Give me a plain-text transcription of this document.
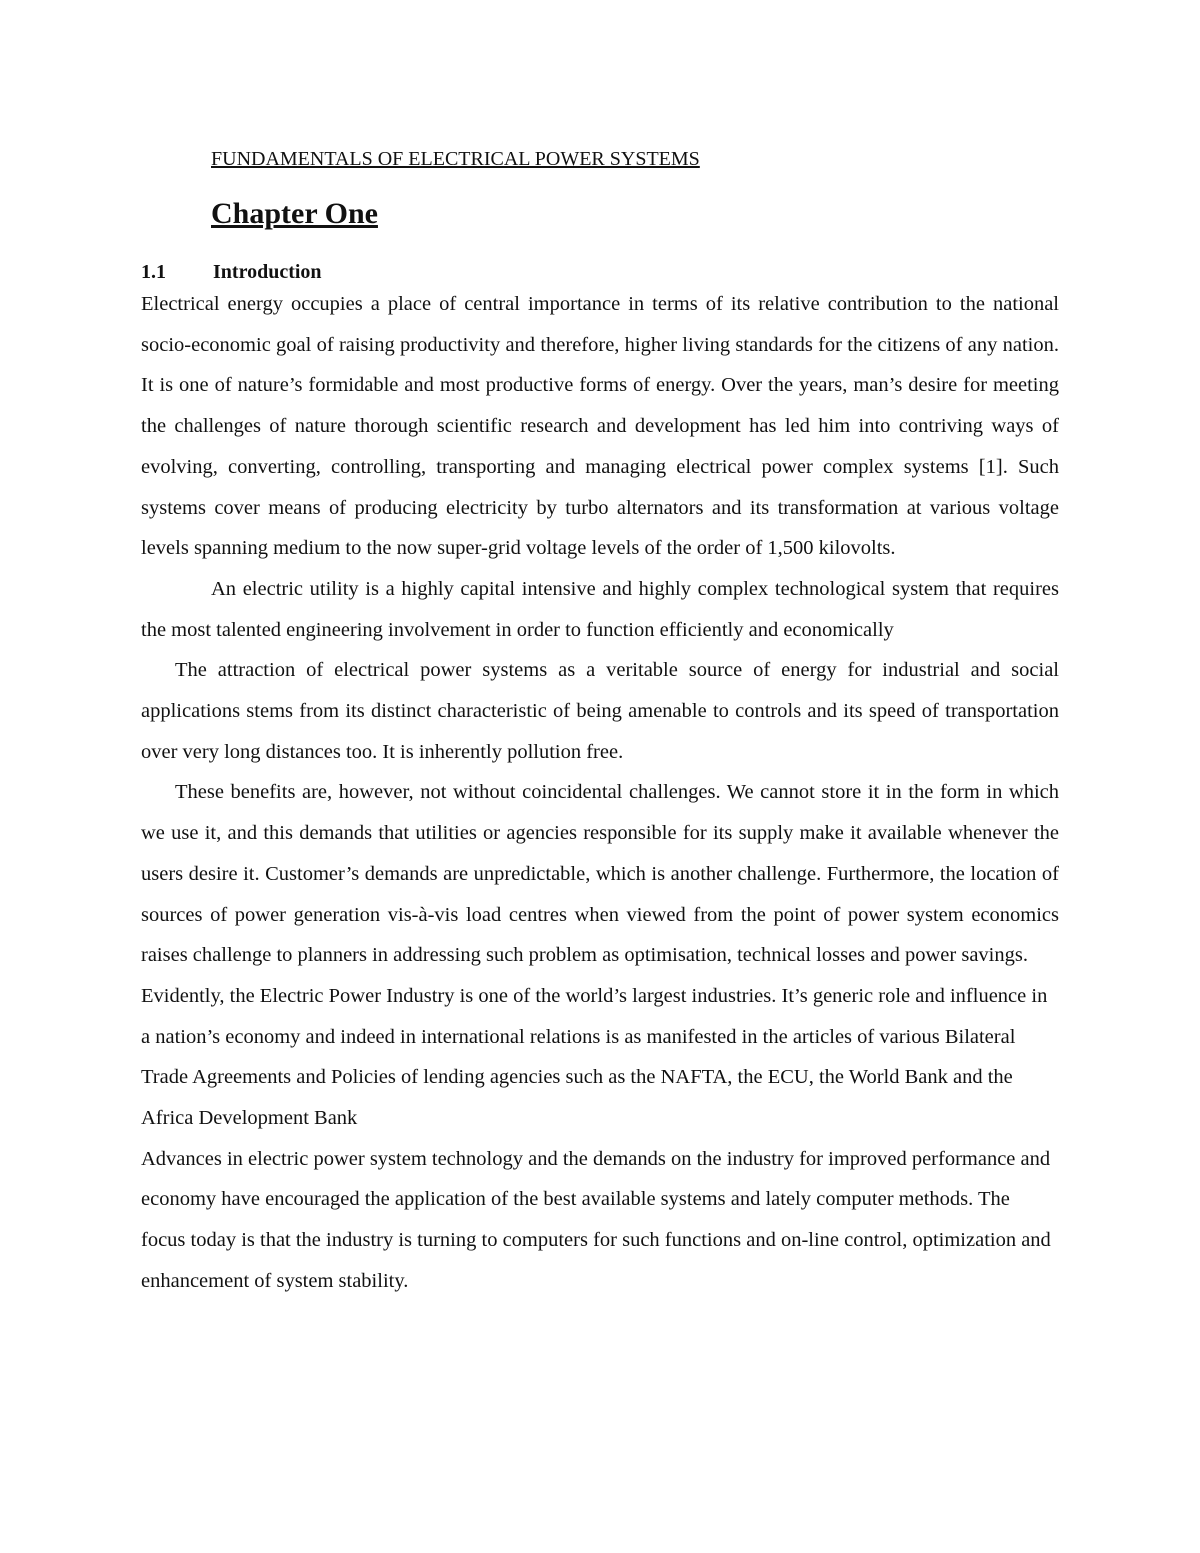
FUNDAMENTALS OF ELECTRICAL POWER SYSTEMS
Chapter One
1.1 Introduction

Electrical energy occupies a place of central importance in terms of its relative contribution to the national socio-economic goal of raising productivity and therefore, higher living standards for the citizens of any nation. It is one of nature’s formidable and most productive forms of energy. Over the years, man’s desire for meeting the challenges of nature thorough scientific research and development has led him into contriving ways of evolving, converting, controlling, transporting and managing electrical power complex systems [1]. Such systems cover means of producing electricity by turbo alternators and its transformation at various voltage levels spanning medium to the now super-grid voltage levels of the order of 1,500 kilovolts.

An electric utility is a highly capital intensive and highly complex technological system that requires the most talented engineering involvement in order to function efficiently and economically

The attraction of electrical power systems as a veritable source of energy for industrial and social applications stems from its distinct characteristic of being amenable to controls and its speed of transportation over very long distances too. It is inherently pollution free.

These benefits are, however, not without coincidental challenges. We cannot store it in the form in which we use it, and this demands that utilities or agencies responsible for its supply make it available whenever the users desire it. Customer’s demands are unpredictable, which is another challenge. Furthermore, the location of sources of power generation vis-à-vis load centres when viewed from the point of power system economics raises challenge to planners in addressing such problem as optimisation, technical losses and power savings.

Evidently, the Electric Power Industry is one of the world’s largest industries. It’s generic role and influence in a nation’s economy and indeed in international relations is as manifested in the articles of various Bilateral Trade Agreements and Policies of lending agencies such as the NAFTA, the ECU, the World Bank and the Africa Development Bank

Advances in electric power system technology and the demands on the industry for improved performance and economy have encouraged the application of the best available systems and lately computer methods. The focus today is that the industry is turning to computers for such functions and on-line control, optimization and enhancement of system stability.
